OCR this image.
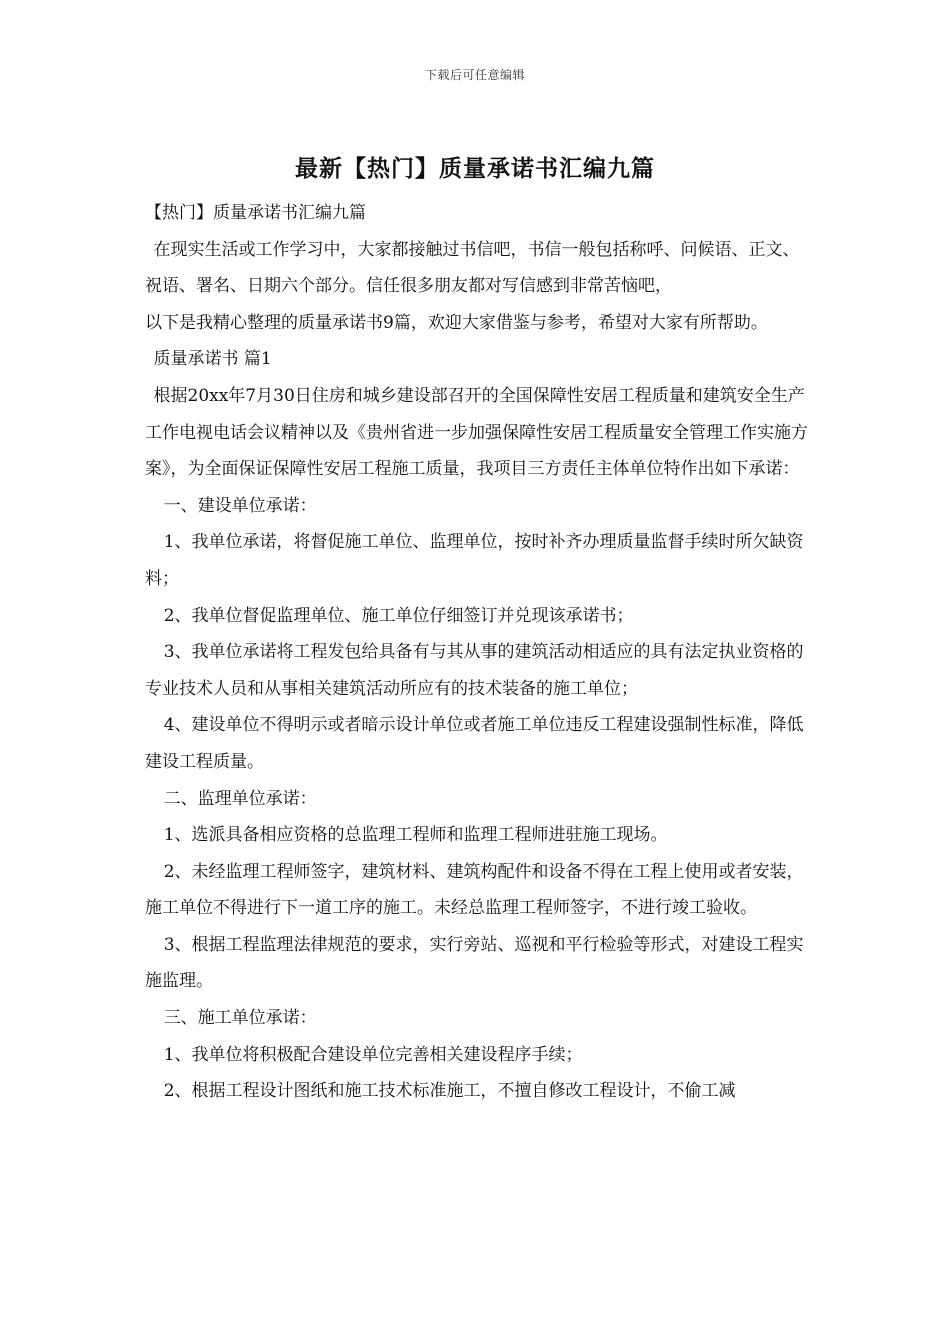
下载后可任意编辑
最新【热门】质量承诺书汇编九篇

【热门】质量承诺书汇编九篇

在现实生活或工作学习中，大家都接触过书信吧，书信一般包括称呼、问候语、正文、祝语、署名、日期六个部分。信任很多朋友都对写信感到非常苦恼吧，

以下是我精心整理的质量承诺书9篇，欢迎大家借鉴与参考，希望对大家有所帮助。

质量承诺书 篇1

根据20xx年7月30日住房和城乡建设部召开的全国保障性安居工程质量和建筑安全生产工作电视电话会议精神以及《贵州省进一步加强保障性安居工程质量安全管理工作实施方案》，为全面保证保障性安居工程施工质量，我项目三方责任主体单位特作出如下承诺：

一、建设单位承诺：

1、我单位承诺，将督促施工单位、监理单位，按时补齐办理质量监督手续时所欠缺资料；

2、我单位督促监理单位、施工单位仔细签订并兑现该承诺书；

3、我单位承诺将工程发包给具备有与其从事的建筑活动相适应的具有法定执业资格的专业技术人员和从事相关建筑活动所应有的技术装备的施工单位；

4、建设单位不得明示或者暗示设计单位或者施工单位违反工程建设强制性标准，降低建设工程质量。

二、监理单位承诺：

1、选派具备相应资格的总监理工程师和监理工程师进驻施工现场。

2、未经监理工程师签字，建筑材料、建筑构配件和设备不得在工程上使用或者安装，施工单位不得进行下一道工序的施工。未经总监理工程师签字，不进行竣工验收。

3、根据工程监理法律规范的要求，实行旁站、巡视和平行检验等形式，对建设工程实施监理。

三、施工单位承诺：

1、我单位将积极配合建设单位完善相关建设程序手续；

2、根据工程设计图纸和施工技术标准施工，不擅自修改工程设计，不偷工减
